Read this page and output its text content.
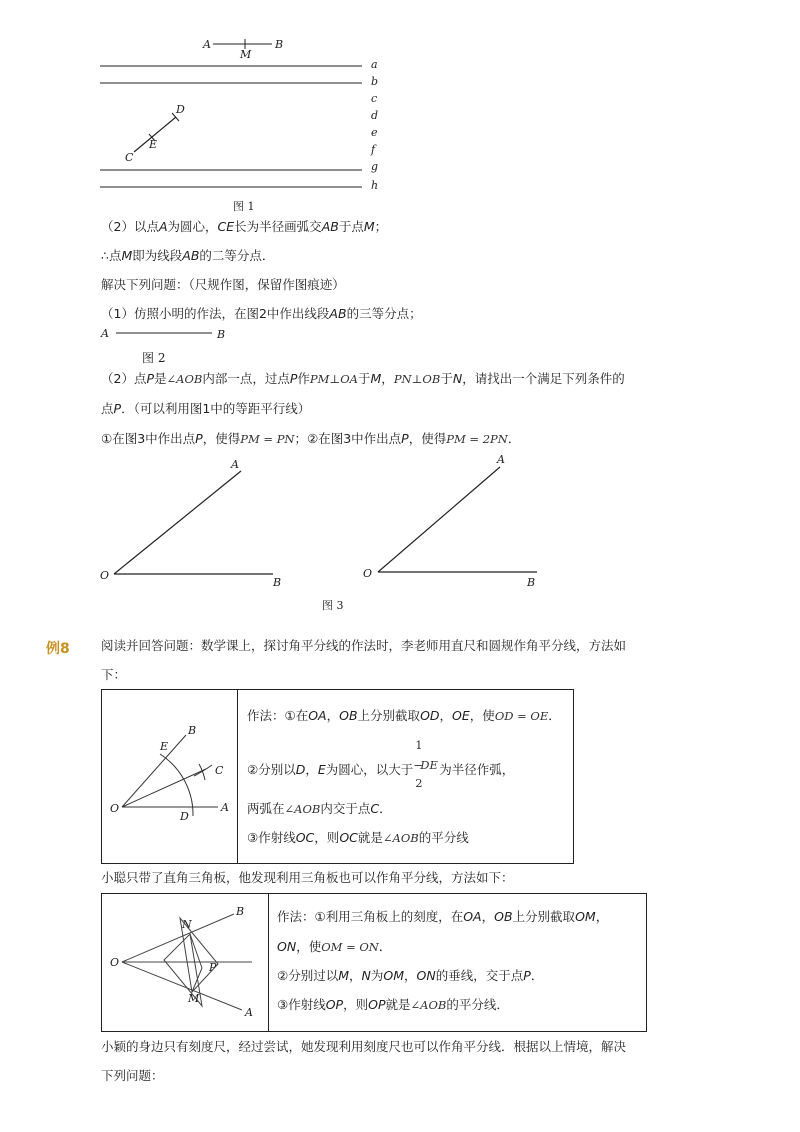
A	B
M
a
b
c
d
e
f
g
h
D
E
C
图 1
（2）以点A为圆心，CE长为半径画弧交AB于点M；
∴点M即为线段AB的二等分点．
解决下列问题：（尺规作图，保留作图痕迹）
（1）仿照小明的作法，在图2中作出线段AB的三等分点；
A	B
图 2
（2）点P是∠AOB内部一点，过点P作PM⊥OA于M，PN⊥OB于N，请找出一个满足下列条件的
点P．（可以利用图1中的等距平行线）
①在图3中作出点P，使得PM = PN；②在图3中作出点P，使得PM = 2PN．
A
O
B
A
O
B
图 3
例8	阅读并回答问题：数学课上，探讨角平分线的作法时，李老师用直尺和圆规作角平分线，方法如
下：
B
E
C
O
D
A
作法：①在OA，OB上分别截取OD，OE，使OD = OE．
②分别以D，E为圆心，以大于
1
2
−
DE 为半径作弧，
两弧在∠AOB内交于点C．
③作射线OC，则OC就是∠AOB的平分线
小聪只带了直角三角板，他发现利用三角板也可以作角平分线，方法如下：
B
N
O	P
M
A
作法：①利用三角板上的刻度，在OA，OB上分别截取OM，
ON，使OM = ON．
②分别过以M，N为OM，ON的垂线，交于点P．
③作射线OP，则OP就是∠AOB的平分线．
小颖的身边只有刻度尺，经过尝试，她发现利用刻度尺也可以作角平分线．根据以上情境，解决
下列问题：
